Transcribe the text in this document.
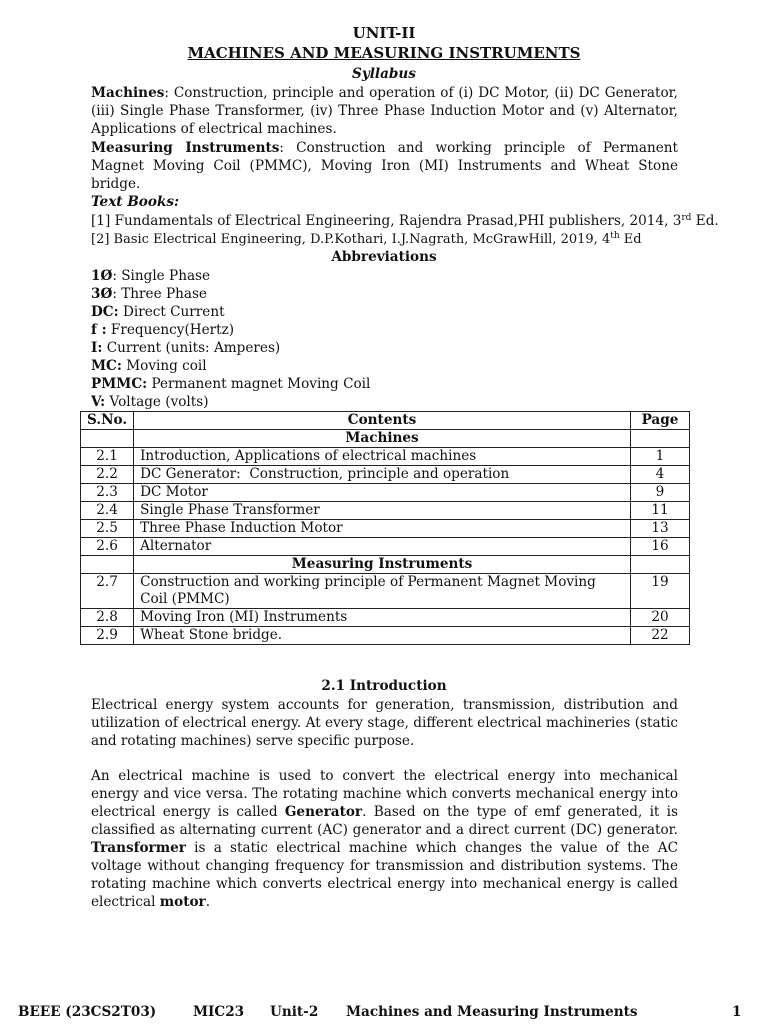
UNIT-II
MACHINES AND MEASURING INSTRUMENTS
Syllabus
Machines: Construction, principle and operation of (i) DC Motor, (ii) DC Generator, (iii) Single Phase Transformer, (iv) Three Phase Induction Motor and (v) Alternator, Applications of electrical machines.
Measuring Instruments: Construction and working principle of Permanent Magnet Moving Coil (PMMC), Moving Iron (MI) Instruments and Wheat Stone bridge.
Text Books:
[1] Fundamentals of Electrical Engineering, Rajendra Prasad,PHI publishers, 2014, 3rd Ed.
[2] Basic Electrical Engineering, D.P.Kothari, I.J.Nagrath, McGrawHill, 2019, 4th Ed
Abbreviations
1Ø: Single Phase
3Ø: Three Phase
DC: Direct Current
f : Frequency(Hertz)
I: Current (units: Amperes)
MC: Moving coil
PMMC: Permanent magnet Moving Coil
V: Voltage (volts)
S.No.	Contents	Page
	Machines	
2.1	Introduction, Applications of electrical machines	1
2.2	DC Generator:  Construction, principle and operation	4
2.3	DC Motor	9
2.4	Single Phase Transformer	11
2.5	Three Phase Induction Motor	13
2.6	Alternator	16
	Measuring Instruments	
2.7	Construction and working principle of Permanent Magnet Moving Coil (PMMC)	19
2.8	Moving Iron (MI) Instruments	20
2.9	Wheat Stone bridge.	22
2.1 Introduction
Electrical energy system accounts for generation, transmission, distribution and utilization of electrical energy. At every stage, different electrical machineries (static and rotating machines) serve specific purpose.
An electrical machine is used to convert the electrical energy into mechanical energy and vice versa. The rotating machine which converts mechanical energy into electrical energy is called Generator. Based on the type of emf generated, it is classified as alternating current (AC) generator and a direct current (DC) generator. Transformer is a static electrical machine which changes the value of the AC voltage without changing frequency for transmission and distribution systems. The rotating machine which converts electrical energy into mechanical energy is called electrical motor.
BEEE (23CS2T03)	MIC23 Unit-2 Machines and Measuring Instruments	1
